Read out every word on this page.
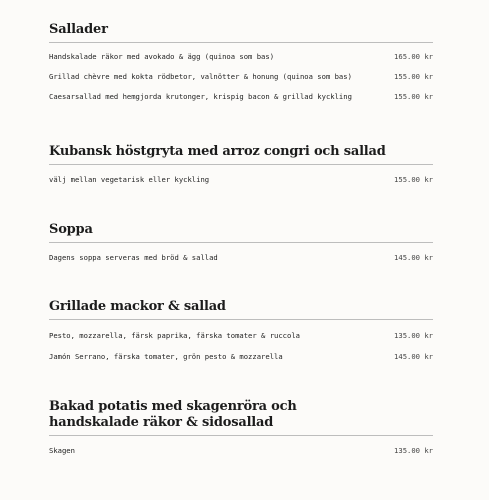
Sallader
Handskalade räkor med avokado & ägg (quinoa som bas)	165.00 kr
Grillad chèvre med kokta rödbetor, valnötter & honung (quinoa som bas)	155.00 kr
Caesarsallad med hemgjorda krutonger, krispig bacon & grillad kyckling	155.00 kr
Kubansk höstgryta med arroz congri och sallad
välj mellan vegetarisk eller kyckling	155.00 kr
Soppa
Dagens soppa serveras med bröd & sallad	145.00 kr
Grillade mackor & sallad
Pesto, mozzarella, färsk paprika, färska tomater & ruccola	135.00 kr
Jamón Serrano, färska tomater, grön pesto & mozzarella	145.00 kr
Bakad potatis med skagenröra och handskalade räkor & sidosallad
Skagen	135.00 kr
